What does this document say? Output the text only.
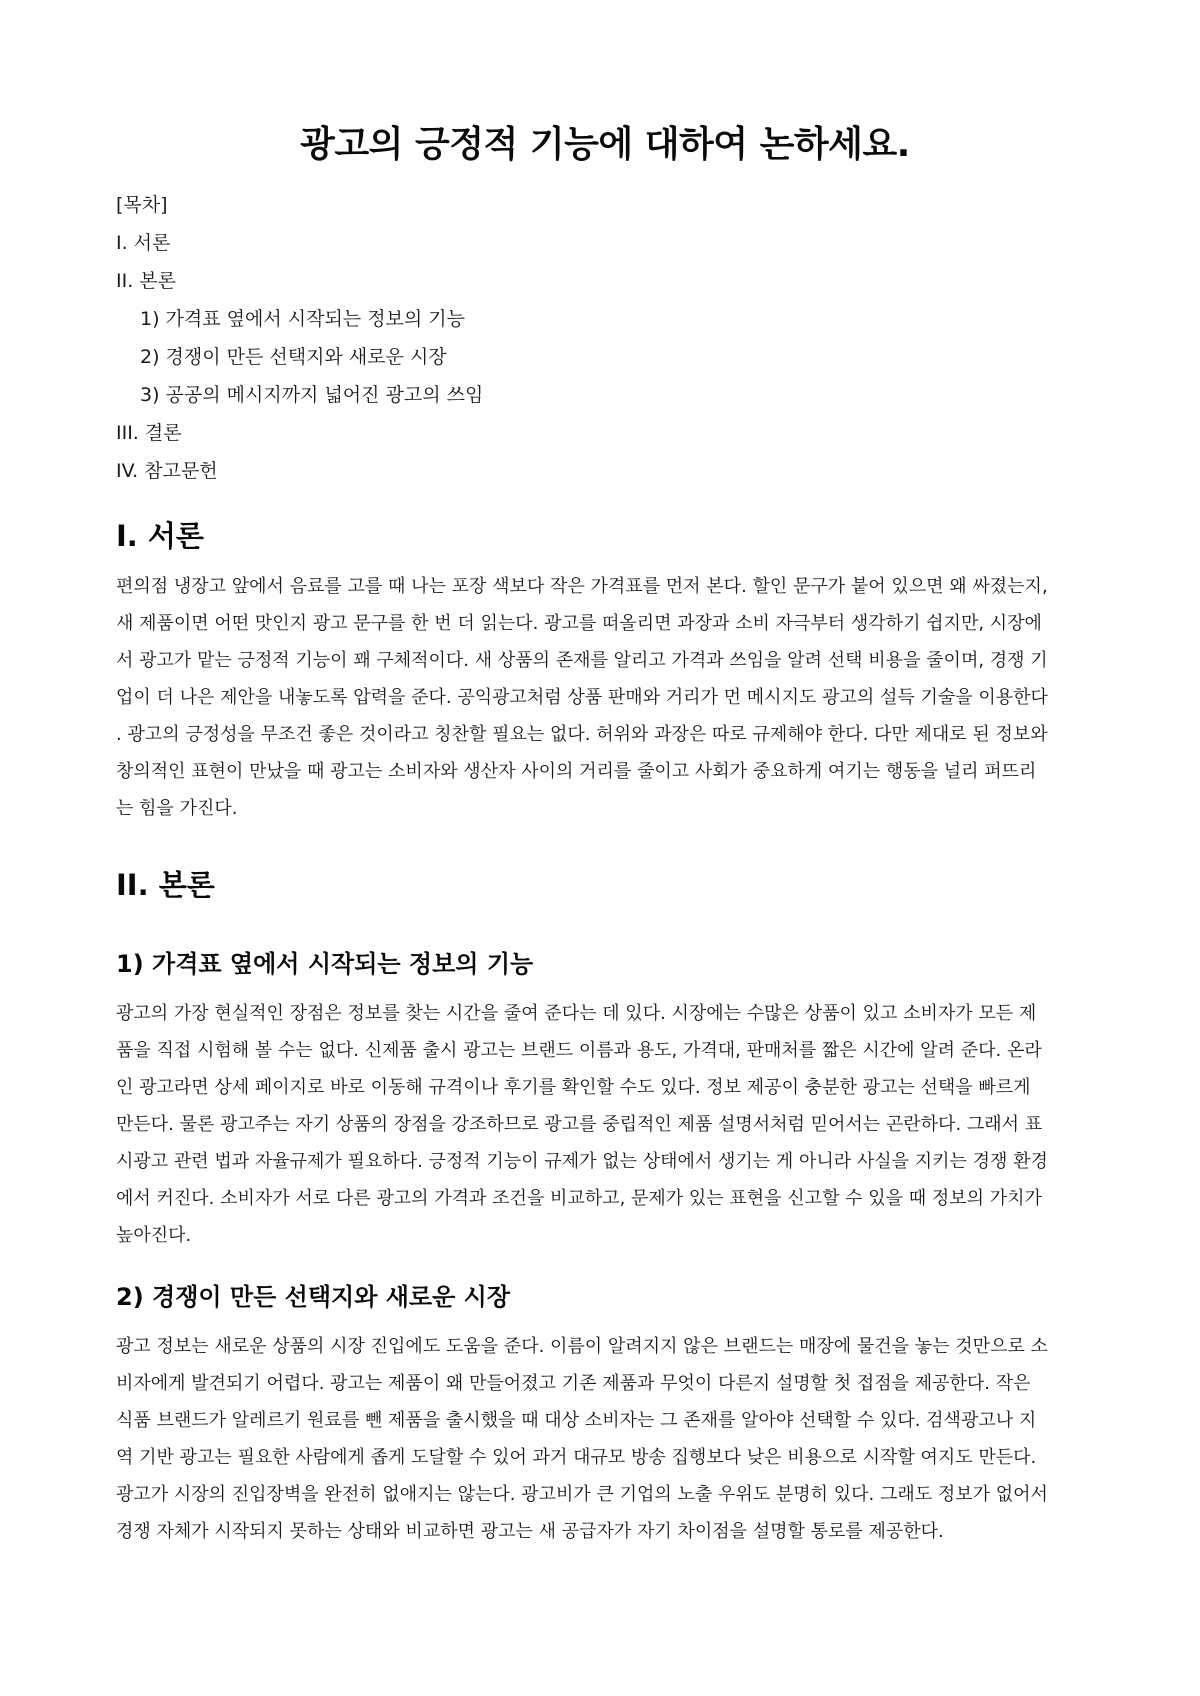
광고의 긍정적 기능에 대하여 논하세요.
[목차]
I. 서론
II. 본론
1) 가격표 옆에서 시작되는 정보의 기능
2) 경쟁이 만든 선택지와 새로운 시장
3) 공공의 메시지까지 넓어진 광고의 쓰임
III. 결론
IV. 참고문헌
I. 서론

편의점 냉장고 앞에서 음료를 고를 때 나는 포장 색보다 작은 가격표를 먼저 본다. 할인 문구가 붙어 있으면 왜 싸졌는지,
새 제품이면 어떤 맛인지 광고 문구를 한 번 더 읽는다. 광고를 떠올리면 과장과 소비 자극부터 생각하기 쉽지만, 시장에
서 광고가 맡는 긍정적 기능이 꽤 구체적이다. 새 상품의 존재를 알리고 가격과 쓰임을 알려 선택 비용을 줄이며, 경쟁 기
업이 더 나은 제안을 내놓도록 압력을 준다. 공익광고처럼 상품 판매와 거리가 먼 메시지도 광고의 설득 기술을 이용한다
. 광고의 긍정성을 무조건 좋은 것이라고 칭찬할 필요는 없다. 허위와 과장은 따로 규제해야 한다. 다만 제대로 된 정보와
창의적인 표현이 만났을 때 광고는 소비자와 생산자 사이의 거리를 줄이고 사회가 중요하게 여기는 행동을 널리 퍼뜨리
는 힘을 가진다.

II. 본론
1) 가격표 옆에서 시작되는 정보의 기능

광고의 가장 현실적인 장점은 정보를 찾는 시간을 줄여 준다는 데 있다. 시장에는 수많은 상품이 있고 소비자가 모든 제
품을 직접 시험해 볼 수는 없다. 신제품 출시 광고는 브랜드 이름과 용도, 가격대, 판매처를 짧은 시간에 알려 준다. 온라
인 광고라면 상세 페이지로 바로 이동해 규격이나 후기를 확인할 수도 있다. 정보 제공이 충분한 광고는 선택을 빠르게
만든다. 물론 광고주는 자기 상품의 장점을 강조하므로 광고를 중립적인 제품 설명서처럼 믿어서는 곤란하다. 그래서 표
시광고 관련 법과 자율규제가 필요하다. 긍정적 기능이 규제가 없는 상태에서 생기는 게 아니라 사실을 지키는 경쟁 환경
에서 커진다. 소비자가 서로 다른 광고의 가격과 조건을 비교하고, 문제가 있는 표현을 신고할 수 있을 때 정보의 가치가
높아진다.

2) 경쟁이 만든 선택지와 새로운 시장

광고 정보는 새로운 상품의 시장 진입에도 도움을 준다. 이름이 알려지지 않은 브랜드는 매장에 물건을 놓는 것만으로 소
비자에게 발견되기 어렵다. 광고는 제품이 왜 만들어졌고 기존 제품과 무엇이 다른지 설명할 첫 접점을 제공한다. 작은
식품 브랜드가 알레르기 원료를 뺀 제품을 출시했을 때 대상 소비자는 그 존재를 알아야 선택할 수 있다. 검색광고나 지
역 기반 광고는 필요한 사람에게 좁게 도달할 수 있어 과거 대규모 방송 집행보다 낮은 비용으로 시작할 여지도 만든다.
광고가 시장의 진입장벽을 완전히 없애지는 않는다. 광고비가 큰 기업의 노출 우위도 분명히 있다. 그래도 정보가 없어서
경쟁 자체가 시작되지 못하는 상태와 비교하면 광고는 새 공급자가 자기 차이점을 설명할 통로를 제공한다.
